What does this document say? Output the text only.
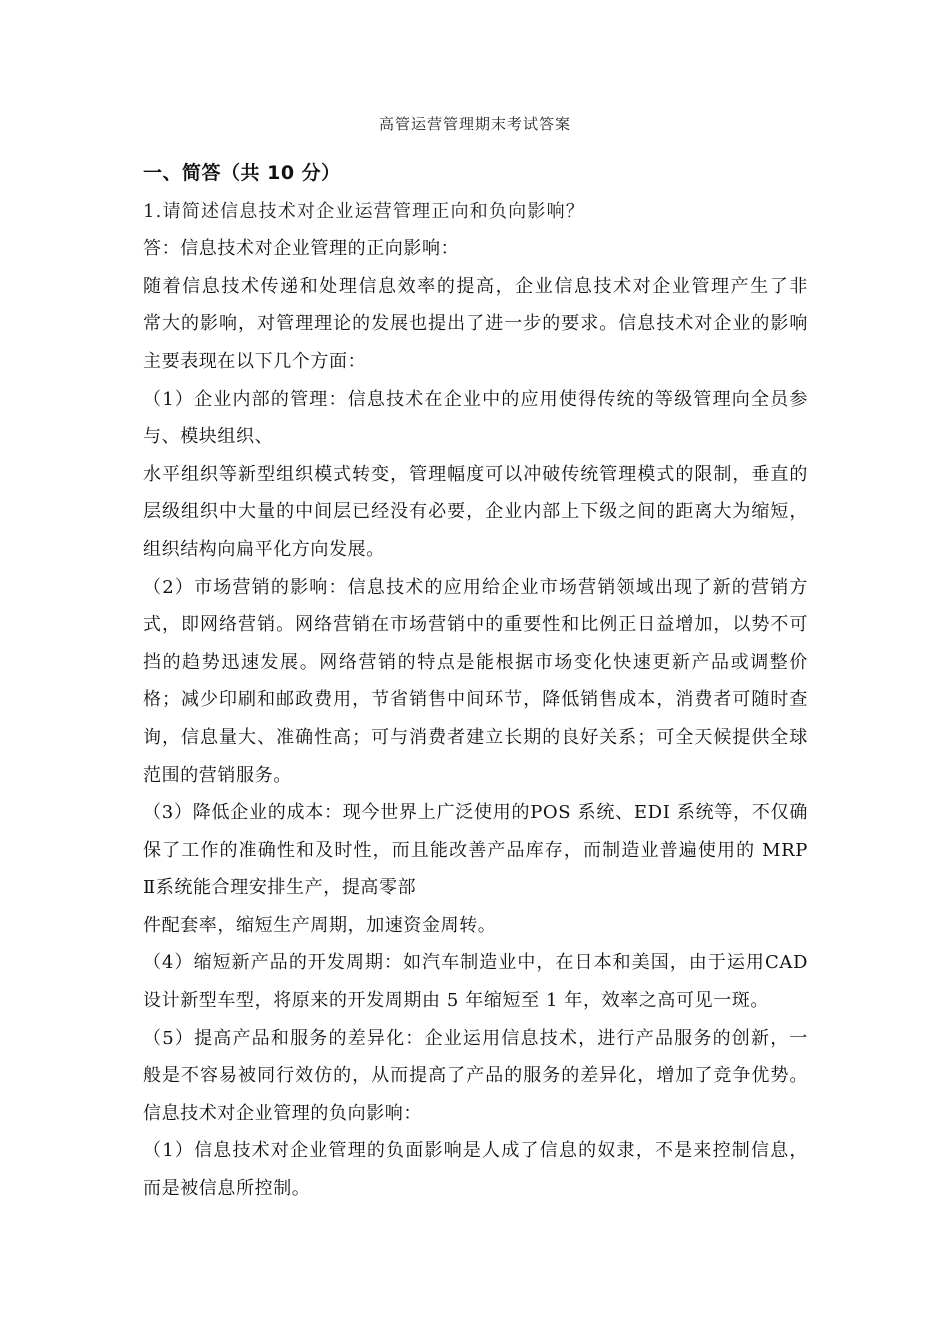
高管运营管理期末考试答案
一、简答（共 10 分）
1.请简述信息技术对企业运营管理正向和负向影响？
答：信息技术对企业管理的正向影响：
随着信息技术传递和处理信息效率的提高，企业信息技术对企业管理产生了非
常大的影响，对管理理论的发展也提出了进一步的要求。信息技术对企业的影响
主要表现在以下几个方面：
（1）企业内部的管理：信息技术在企业中的应用使得传统的等级管理向全员参
与、模块组织、
水平组织等新型组织模式转变，管理幅度可以冲破传统管理模式的限制，垂直的
层级组织中大量的中间层已经没有必要，企业内部上下级之间的距离大为缩短，
组织结构向扁平化方向发展。
（2）市场营销的影响：信息技术的应用给企业市场营销领域出现了新的营销方
式，即网络营销。网络营销在市场营销中的重要性和比例正日益增加，以势不可
挡的趋势迅速发展。网络营销的特点是能根据市场变化快速更新产品或调整价
格；减少印刷和邮政费用，节省销售中间环节，降低销售成本，消费者可随时查
询，信息量大、准确性高；可与消费者建立长期的良好关系；可全天候提供全球
范围的营销服务。
（3）降低企业的成本：现今世界上广泛使用的POS 系统、EDI 系统等，不仅确
保了工作的准确性和及时性，而且能改善产品库存，而制造业普遍使用的 MRP
Ⅱ系统能合理安排生产，提高零部
件配套率，缩短生产周期，加速资金周转。
（4）缩短新产品的开发周期：如汽车制造业中，在日本和美国，由于运用CAD
设计新型车型，将原来的开发周期由 5 年缩短至 1 年，效率之高可见一斑。
（5）提高产品和服务的差异化：企业运用信息技术，进行产品服务的创新，一
般是不容易被同行效仿的，从而提高了产品的服务的差异化，增加了竞争优势。
信息技术对企业管理的负向影响：
（1）信息技术对企业管理的负面影响是人成了信息的奴隶，不是来控制信息，
而是被信息所控制。
